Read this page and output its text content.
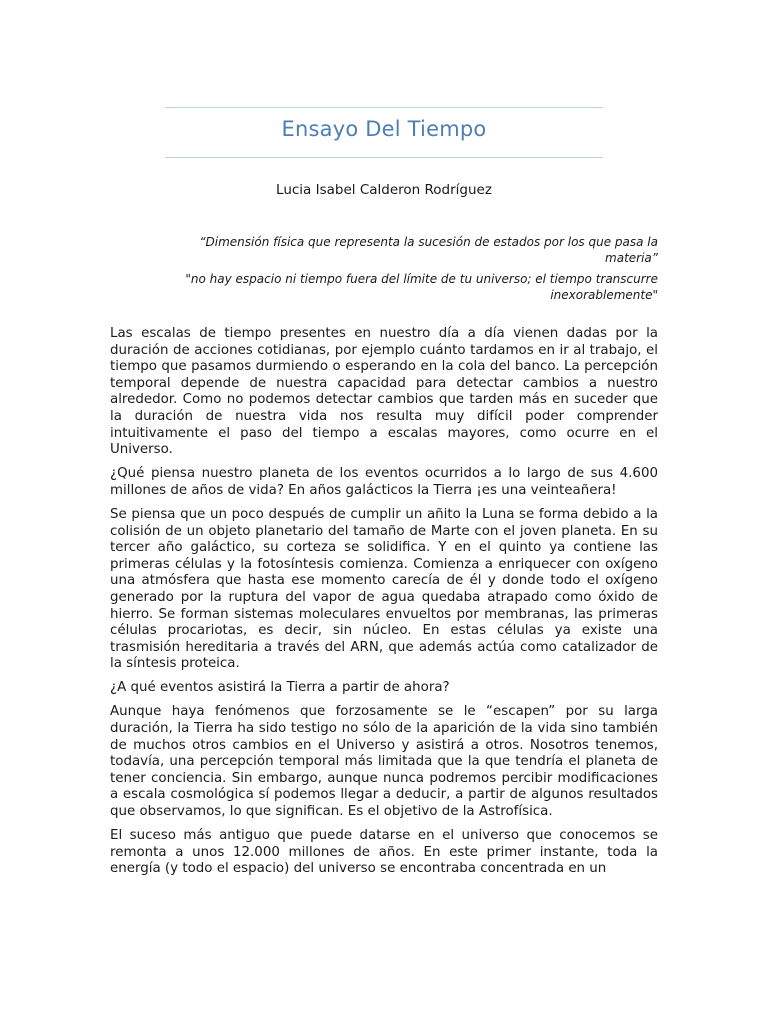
Ensayo Del Tiempo
Lucia Isabel Calderon Rodríguez
“Dimensión física que representa la sucesión de estados por los que pasa la materia”
"no hay espacio ni tiempo fuera del límite de tu universo; el tiempo transcurre inexorablemente"

Las escalas de tiempo presentes en nuestro día a día vienen dadas por la duración de acciones cotidianas, por ejemplo cuánto tardamos en ir al trabajo, el tiempo que pasamos durmiendo o esperando en la cola del banco. La percepción temporal depende de nuestra capacidad para detectar cambios a nuestro alrededor. Como no podemos detectar cambios que tarden más en suceder que la duración de nuestra vida nos resulta muy difícil poder comprender intuitivamente el paso del tiempo a escalas mayores, como ocurre en el Universo.

¿Qué piensa nuestro planeta de los eventos ocurridos a lo largo de sus 4.600 millones de años de vida? En años galácticos la Tierra ¡es una veinteañera!

Se piensa que un poco después de cumplir un añito la Luna se forma debido a la colisión de un objeto planetario del tamaño de Marte con el joven planeta. En su tercer año galáctico, su corteza se solidifica. Y en el quinto ya contiene las primeras células y la fotosíntesis comienza. Comienza a enriquecer con oxígeno una atmósfera que hasta ese momento carecía de él y donde todo el oxígeno generado por la ruptura del vapor de agua quedaba atrapado como óxido de hierro. Se forman sistemas moleculares envueltos por membranas, las primeras células procariotas, es decir, sin núcleo. En estas células ya existe una trasmisión hereditaria a través del ARN, que además actúa como catalizador de la síntesis proteica.

¿A qué eventos asistirá la Tierra a partir de ahora?

Aunque haya fenómenos que forzosamente se le “escapen” por su larga duración, la Tierra ha sido testigo no sólo de la aparición de la vida sino también de muchos otros cambios en el Universo y asistirá a otros. Nosotros tenemos, todavía, una percepción temporal más limitada que la que tendría el planeta de tener conciencia. Sin embargo, aunque nunca podremos percibir modificaciones a escala cosmológica sí podemos llegar a deducir, a partir de algunos resultados que observamos, lo que significan. Es el objetivo de la Astrofísica.

El suceso más antiguo que puede datarse en el universo que conocemos se remonta a unos 12.000 millones de años. En este primer instante, toda la energía (y todo el espacio) del universo se encontraba concentrada en un
